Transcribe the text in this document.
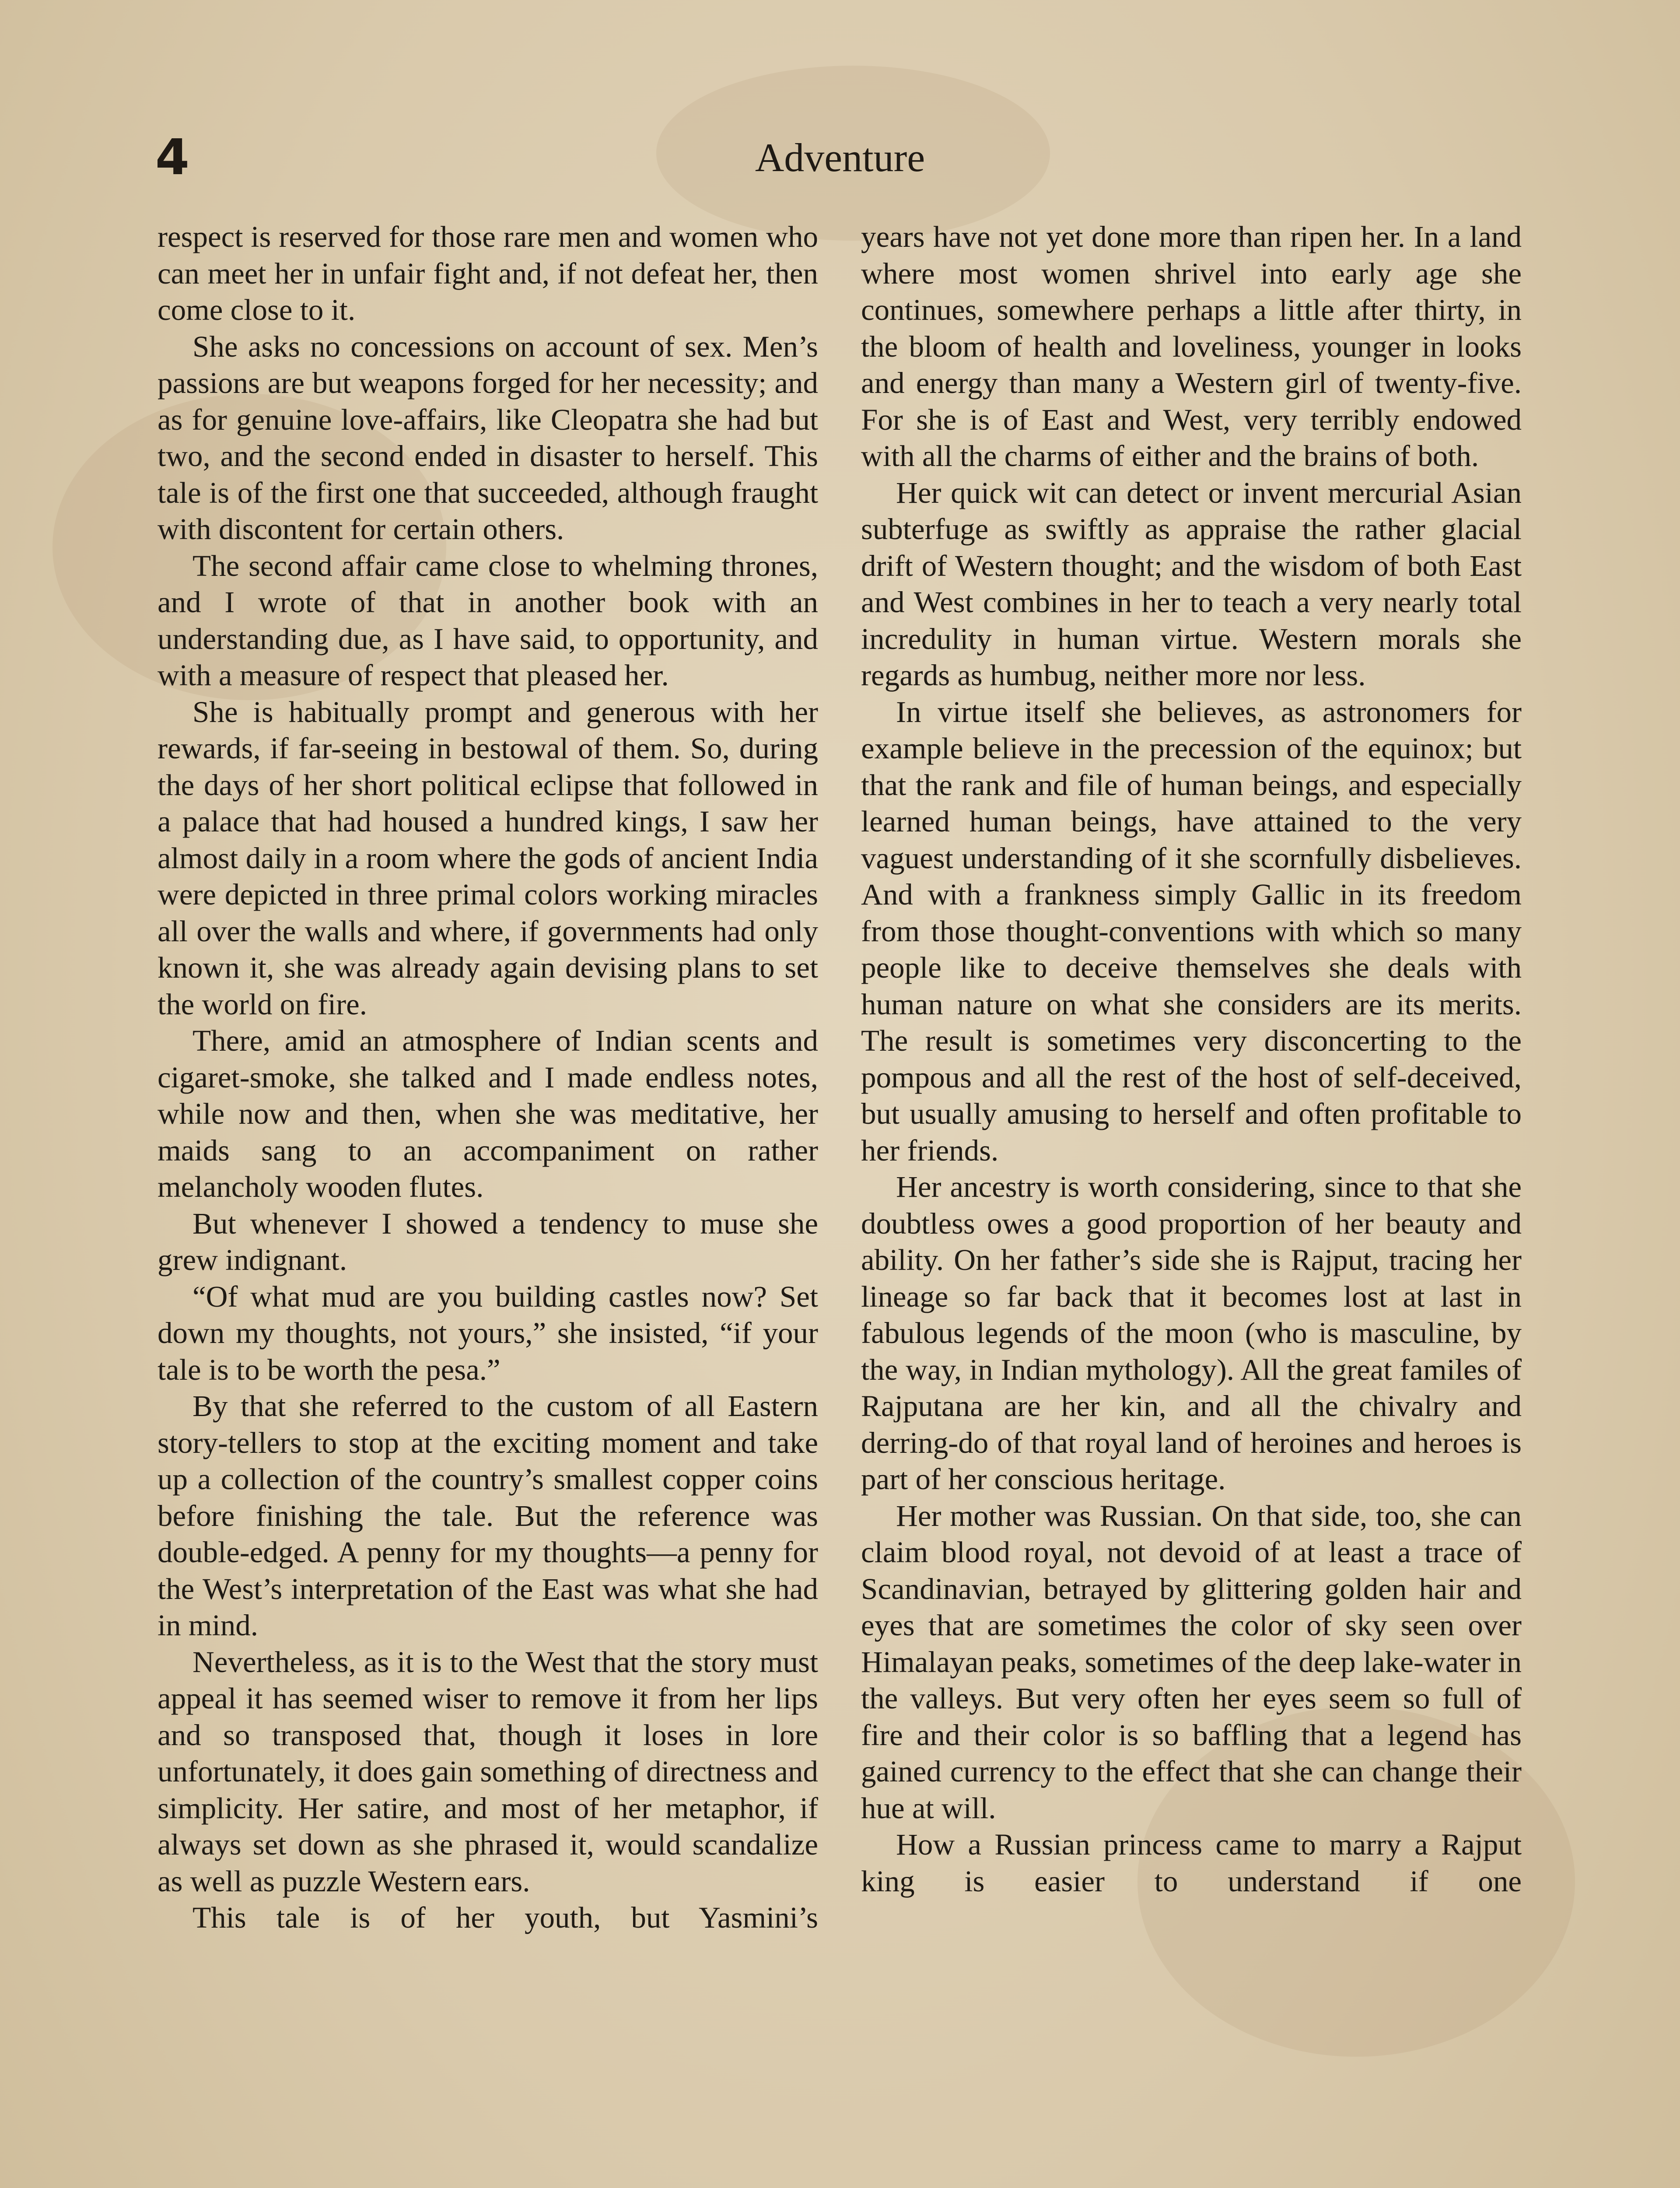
4	Adventure

respect is reserved for those rare men and women who can meet her in unfair fight and, if not defeat her, then come close to it.

She asks no concessions on account of sex. Men’s passions are but weapons forged for her necessity; and as for genuine love-affairs, like Cleopatra she had but two, and the second ended in disaster to herself. This tale is of the first one that succeeded, although fraught with discontent for certain others.

The second affair came close to whelming thrones, and I wrote of that in another book with an understanding due, as I have said, to opportunity, and with a measure of respect that pleased her.

She is habitually prompt and generous with her rewards, if far-seeing in bestowal of them. So, during the days of her short political eclipse that followed in a palace that had housed a hundred kings, I saw her almost daily in a room where the gods of ancient India were depicted in three primal colors working miracles all over the walls and where, if governments had only known it, she was already again devising plans to set the world on fire.

There, amid an atmosphere of Indian scents and cigaret-smoke, she talked and I made endless notes, while now and then, when she was meditative, her maids sang to an accompaniment on rather melancholy wooden flutes.

But whenever I showed a tendency to muse she grew indignant.

“Of what mud are you building castles now? Set down my thoughts, not yours,” she insisted, “if your tale is to be worth the pesa.”

By that she referred to the custom of all Eastern story-tellers to stop at the exciting moment and take up a collection of the country’s smallest copper coins before finishing the tale. But the reference was double-edged. A penny for my thoughts—a penny for the West’s interpretation of the East was what she had in mind.

Nevertheless, as it is to the West that the story must appeal it has seemed wiser to remove it from her lips and so transposed that, though it loses in lore unfortunately, it does gain something of directness and simplicity. Her satire, and most of her metaphor, if always set down as she phrased it, would scandalize as well as puzzle Western ears.

This tale is of her youth, but Yasmini’s

years have not yet done more than ripen her. In a land where most women shrivel into early age she continues, somewhere perhaps a little after thirty, in the bloom of health and loveliness, younger in looks and energy than many a Western girl of twenty-five. For she is of East and West, very terribly endowed with all the charms of either and the brains of both.

Her quick wit can detect or invent mercurial Asian subterfuge as swiftly as appraise the rather glacial drift of Western thought; and the wisdom of both East and West combines in her to teach a very nearly total incredulity in human virtue. Western morals she regards as humbug, neither more nor less.

In virtue itself she believes, as astronomers for example believe in the precession of the equinox; but that the rank and file of human beings, and especially learned human beings, have attained to the very vaguest understanding of it she scornfully disbelieves. And with a frankness simply Gallic in its freedom from those thought-conventions with which so many people like to deceive themselves she deals with human nature on what she considers are its merits. The result is sometimes very disconcerting to the pompous and all the rest of the host of self-deceived, but usually amusing to herself and often profitable to her friends.

Her ancestry is worth considering, since to that she doubtless owes a good proportion of her beauty and ability. On her father’s side she is Rajput, tracing her lineage so far back that it becomes lost at last in fabulous legends of the moon (who is masculine, by the way, in Indian mythology). All the great familes of Rajputana are her kin, and all the chivalry and derring-do of that royal land of heroines and heroes is part of her conscious heritage.

Her mother was Russian. On that side, too, she can claim blood royal, not devoid of at least a trace of Scandinavian, betrayed by glittering golden hair and eyes that are sometimes the color of sky seen over Himalayan peaks, sometimes of the deep lake-water in the valleys. But very often her eyes seem so full of fire and their color is so baffling that a legend has gained currency to the effect that she can change their hue at will.

How a Russian princess came to marry a Rajput king is easier to understand if one
